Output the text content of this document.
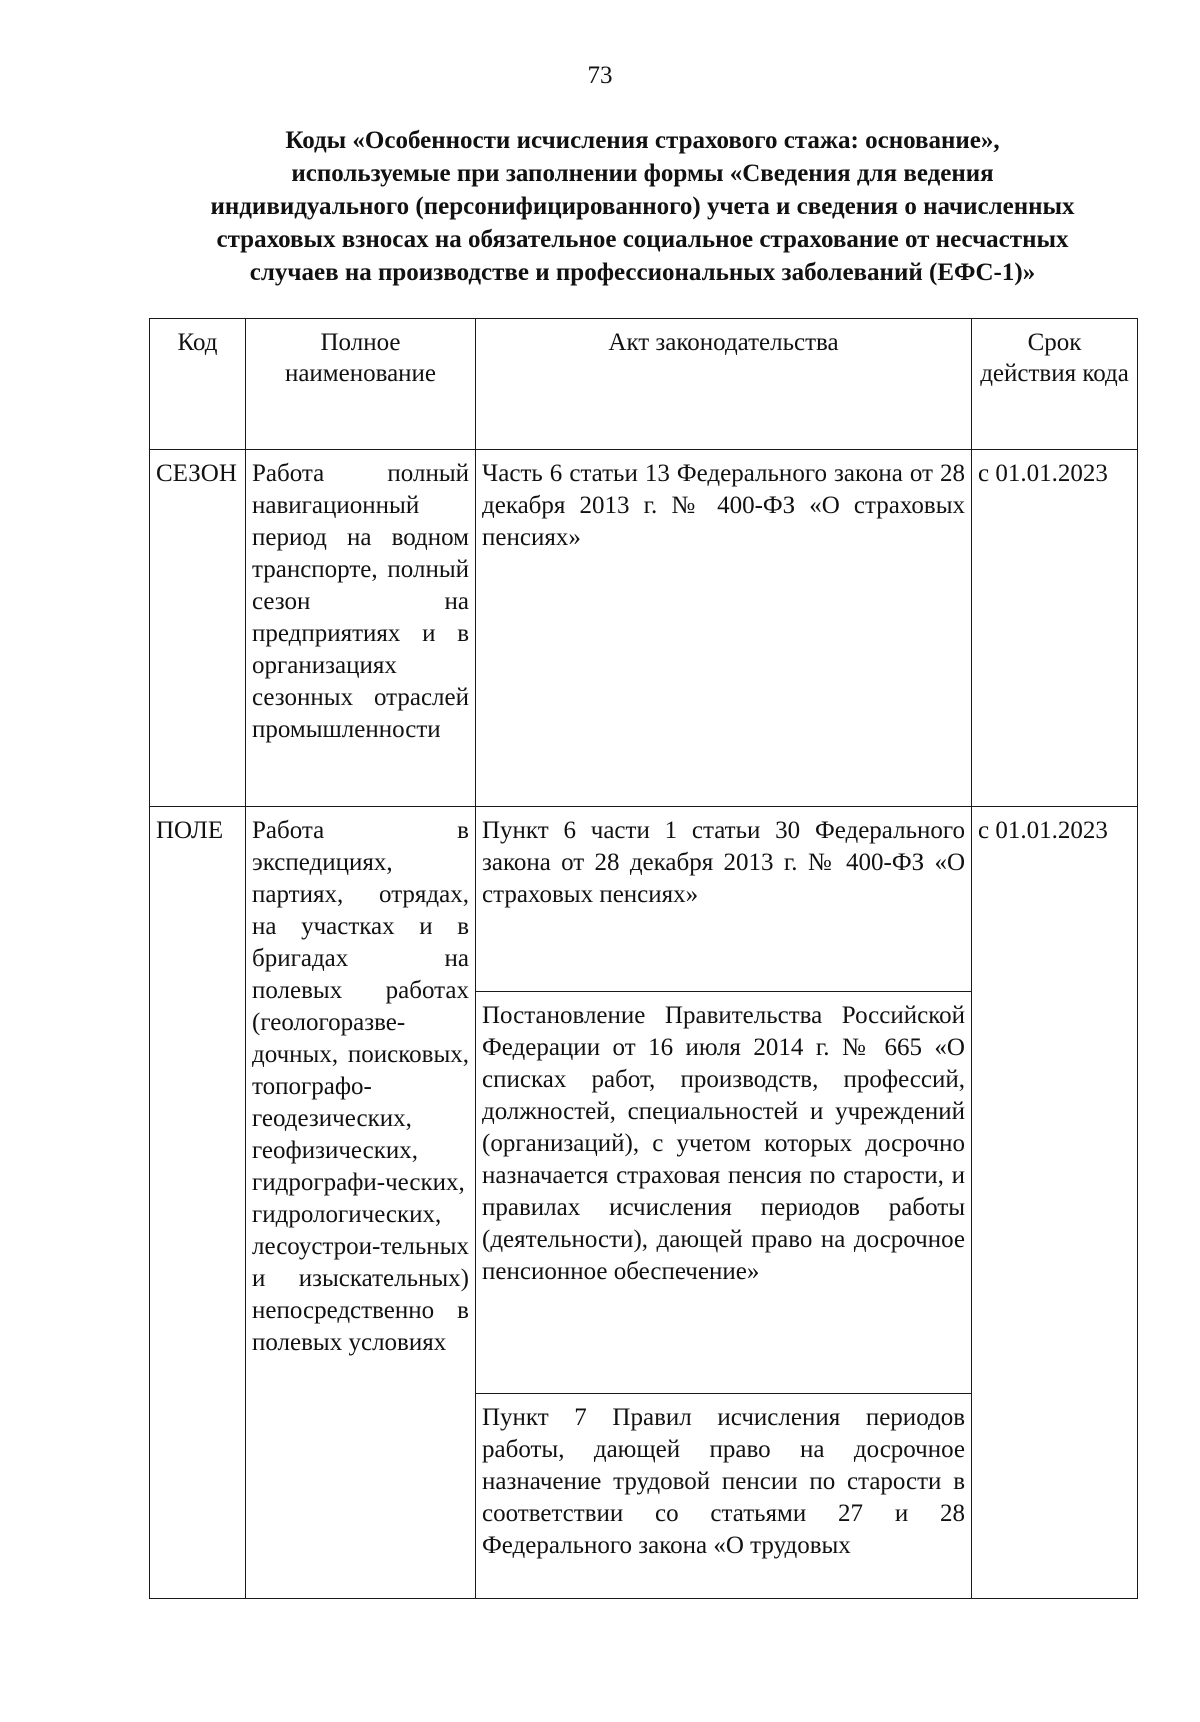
73
Коды «Особенности исчисления страхового стажа: основание»,
используемые при заполнении формы «Сведения для ведения
индивидуального (персонифицированного) учета и сведения о начисленных
страховых взносах на обязательное социальное страхование от несчастных
случаев на производстве и профессиональных заболеваний (ЕФС-1)»
Код	Полное наименование	Акт законодательства	Срок действия кода
СЕЗОН	Работа полный навигационный период на водном транспорте, полный сезон на предприятиях и в организациях сезонных отраслей промышленности	Часть 6 статьи 13 Федерального закона от 28 декабря 2013 г. № 400-ФЗ «О страховых пенсиях»	с 01.01.2023
ПОЛЕ	Работа в экспедициях, партиях, отрядах, на участках и в бригадах на полевых работах (геологоразве-дочных, поисковых, топографо-геодезических, геофизических, гидрографи-ческих, гидрологических, лесоустрои-тельных и изыскательных) непосредственно в полевых условиях	Пункт 6 части 1 статьи 30 Федерального закона от 28 декабря 2013 г. № 400-ФЗ «О страховых пенсиях»	с 01.01.2023
		Постановление Правительства Российской Федерации от 16 июля 2014 г. № 665 «О списках работ, производств, профессий, должностей, специальностей и учреждений (организаций), с учетом которых досрочно назначается страховая пенсия по старости, и правилах исчисления периодов работы (деятельности), дающей право на досрочное пенсионное обеспечение»	
		Пункт 7 Правил исчисления периодов работы, дающей право на досрочное назначение трудовой пенсии по старости в соответствии со статьями 27 и 28 Федерального закона «О трудовых	
